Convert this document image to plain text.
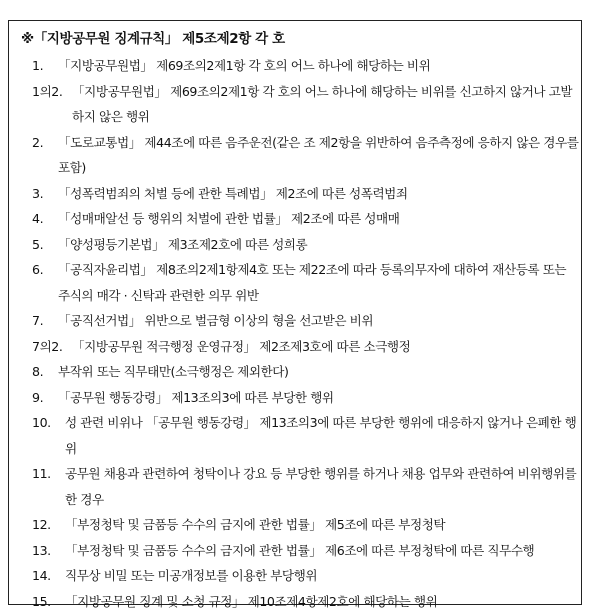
※「지방공무원 징계규칙」 제5조제2항 각 호
1. 「지방공무원법」 제69조의2제1항 각 호의 어느 하나에 해당하는 비위
1의2. 「지방공무원법」 제69조의2제1항 각 호의 어느 하나에 해당하는 비위를 신고하지 않거나 고발하지 않은 행위
2. 「도로교통법」 제44조에 따른 음주운전(같은 조 제2항을 위반하여 음주측정에 응하지 않은 경우를 포함)
3. 「성폭력범죄의 처벌 등에 관한 특례법」 제2조에 따른 성폭력범죄
4. 「성매매알선 등 행위의 처벌에 관한 법률」 제2조에 따른 성매매
5. 「양성평등기본법」 제3조제2호에 따른 성희롱
6. 「공직자윤리법」 제8조의2제1항제4호 또는 제22조에 따라 등록의무자에 대하여 재산등록 또는 주식의 매각 · 신탁과 관련한 의무 위반
7. 「공직선거법」 위반으로 벌금형 이상의 형을 선고받은 비위
7의2. 「지방공무원 적극행정 운영규정」 제2조제3호에 따른 소극행정
8. 부작위 또는 직무태만(소극행정은 제외한다)
9. 「공무원 행동강령」 제13조의3에 따른 부당한 행위
10. 성 관련 비위나 「공무원 행동강령」 제13조의3에 따른 부당한 행위에 대응하지 않거나 은폐한 행위
11. 공무원 채용과 관련하여 청탁이나 강요 등 부당한 행위를 하거나 채용 업무와 관련하여 비위행위를 한 경우
12. 「부정청탁 및 금품등 수수의 금지에 관한 법률」 제5조에 따른 부정청탁
13. 「부정청탁 및 금품등 수수의 금지에 관한 법률」 제6조에 따른 부정청탁에 따른 직무수행
14. 직무상 비밀 또는 미공개정보를 이용한 부당행위
15. 「지방공무원 징계 및 소청 규정」 제10조제4항제2호에 해당하는 행위
